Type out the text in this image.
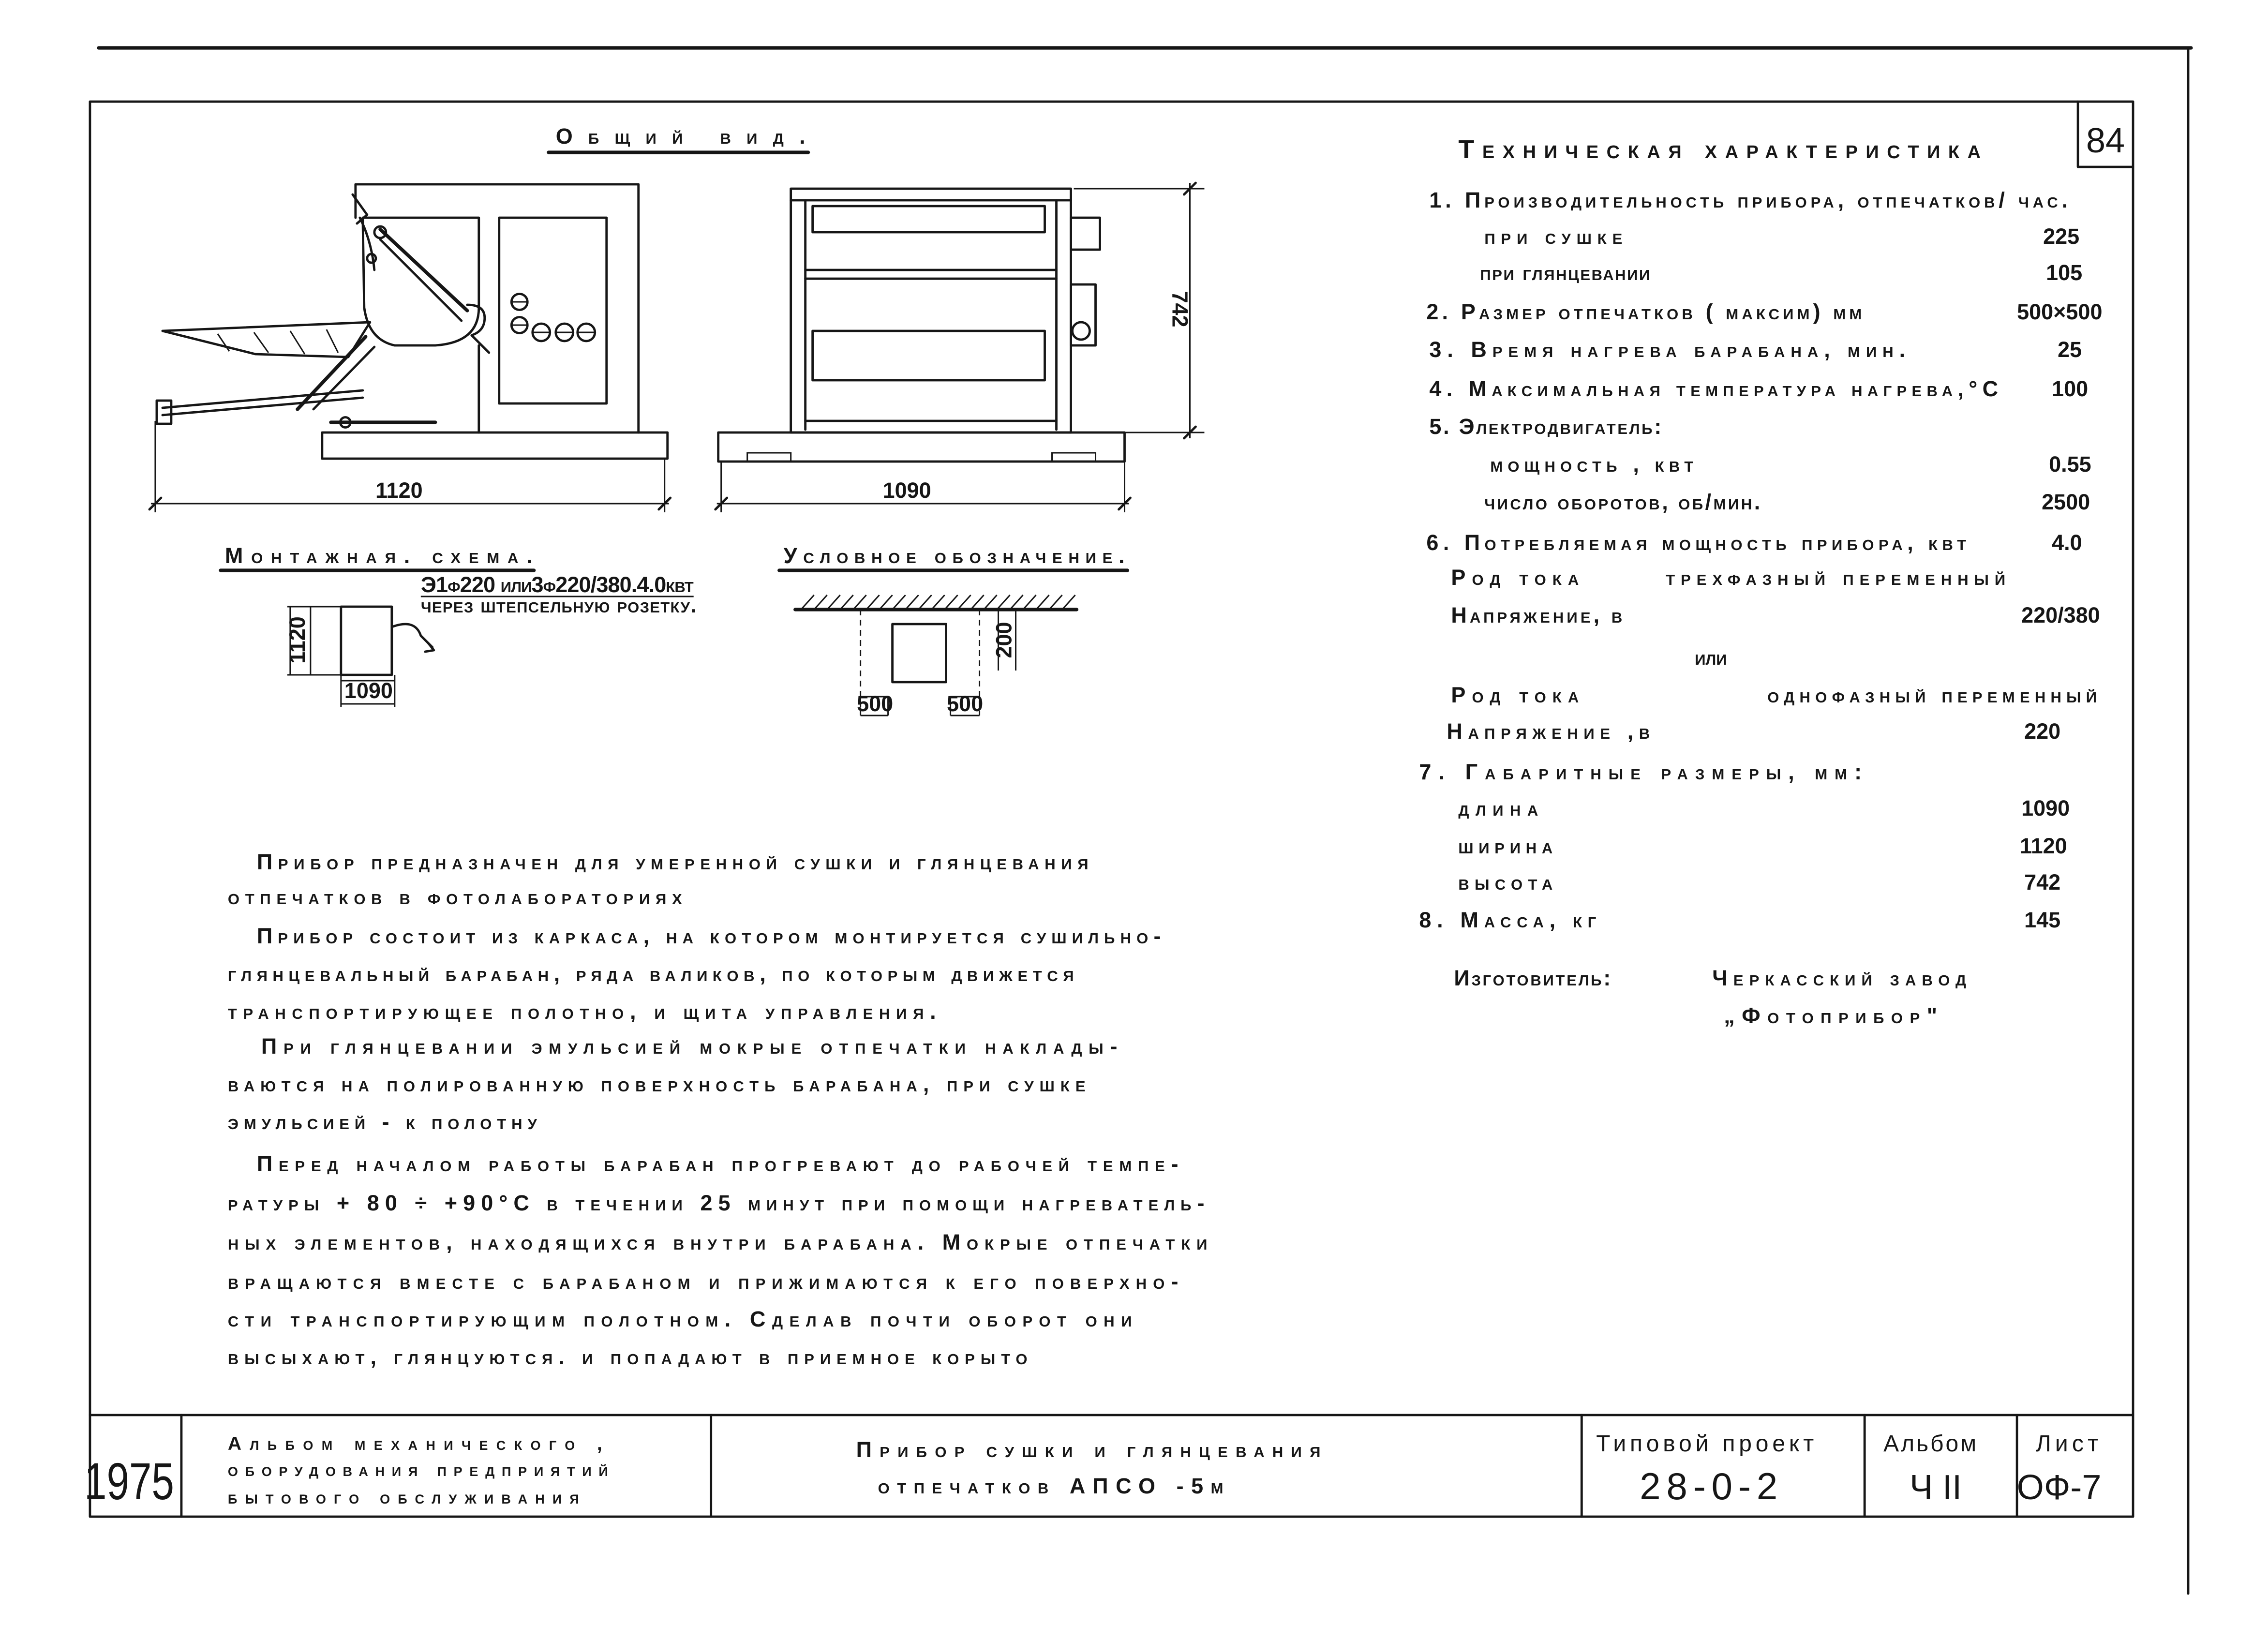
84
Общий вид.
1120	1090
742
Монтажная. схема.
Э1ф220 или3ф220/380.4.0квт
через штепсельную розетку.
1120
1090
Условное обозначение.
200
500	500
Прибор предназначен для умеренной сушки и глянцевания
отпечатков в фотолабораториях
Прибор состоит из каркаса, на котором монтируется сушильно-
глянцевальный барабан, ряда валиков, по которым движется
транспортирующее полотно, и щита управления.
При глянцевании эмульсией мокрые отпечатки наклады-
ваются на полированную поверхность барабана, при сушке
эмульсией - к полотну
Перед началом работы барабан прогревают до рабочей темпе-
ратуры + 80 ÷ +90°С в течении 25 минут при помощи нагреватель-
ных элементов, находящихся внутри барабана. Мокрые отпечатки
вращаются вместе с барабаном и прижимаются к его поверхно-
сти транспортирующим полотном. Сделав почти оборот они
высыхают, глянцуются. и попадают в приемное корыто
Техническая характеристика
1. Производительность прибора, отпечатков/ час.
при сушке	225
при глянцевании	105
2. Размер отпечатков ( максим) мм	500×500
3. Время нагрева барабана, мин.	25
4. Максимальная температура нагрева,°С	100
5. Электродвигатель:
мощность , квт	0.55
число оборотов, об/мин.	2500
6. Потребляемая мощность прибора, квт	4.0
Род тока	трехфазный переменный
Напряжение, в	220/380
или
Род тока	однофазный переменный
Напряжение ,в	220
7. Габаритные размеры, мм:
длина	1090
ширина	1120
высота	742
8. Масса, кг	145
Изготовитель:	Черкасский завод
„Фотоприбор"
1975
Альбом механического ,
оборудования предприятий
бытового обслуживания
Прибор сушки и глянцевания
отпечатков АПСО -5м
Типовой проект
28-0-2
Альбом
Ч II
Лист
ОФ-7
